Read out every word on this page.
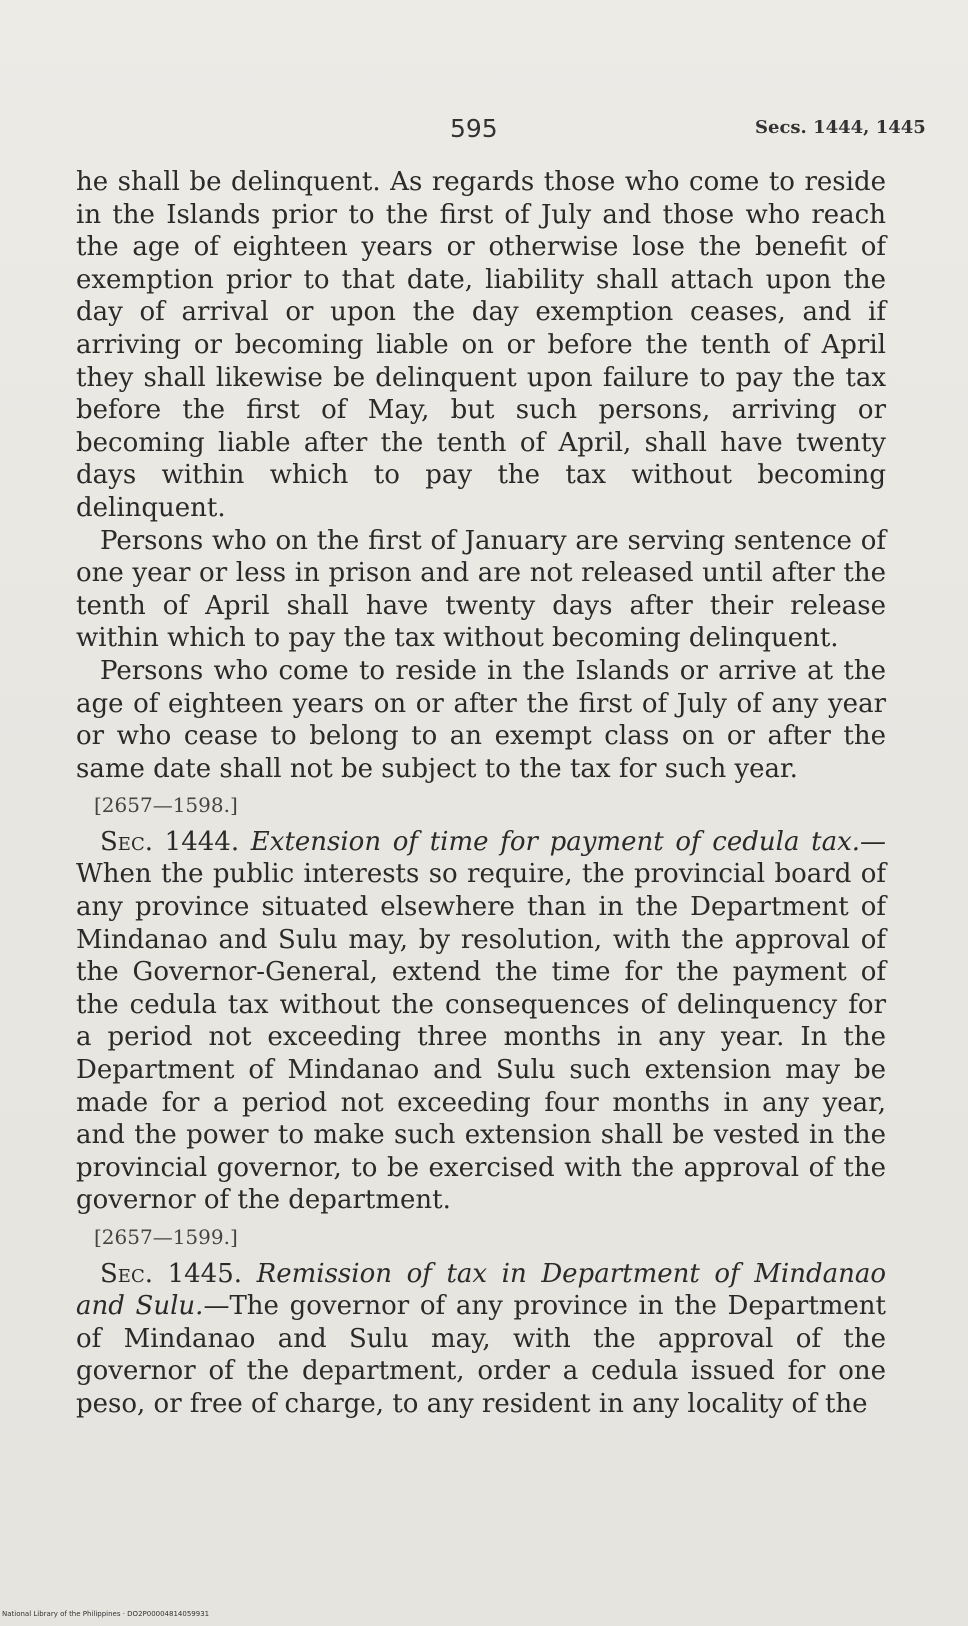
595	Secs. 1444, 1445

he shall be delinquent. As regards those who come to reside in the Islands prior to the first of July and those who reach the age of eighteen years or otherwise lose the benefit of exemption prior to that date, liability shall attach upon the day of arrival or upon the day exemption ceases, and if arriving or becoming liable on or before the tenth of April they shall likewise be delinquent upon failure to pay the tax before the first of May, but such persons, arriving or becoming liable after the tenth of April, shall have twenty days within which to pay the tax without becoming delinquent.

Persons who on the first of January are serving sentence of one year or less in prison and are not released until after the tenth of April shall have twenty days after their release within which to pay the tax without becoming delinquent.

Persons who come to reside in the Islands or arrive at the age of eighteen years on or after the first of July of any year or who cease to belong to an exempt class on or after the same date shall not be subject to the tax for such year.

[2657—1598.]

Sec. 1444. Extension of time for payment of cedula tax.— When the public interests so require, the provincial board of any province situated elsewhere than in the Department of Mindanao and Sulu may, by resolution, with the approval of the Governor-General, extend the time for the payment of the cedula tax without the consequences of delinquency for a period not exceeding three months in any year. In the Department of Mindanao and Sulu such extension may be made for a period not exceeding four months in any year, and the power to make such extension shall be vested in the provincial governor, to be exercised with the approval of the governor of the department.

[2657—1599.]

Sec. 1445. Remission of tax in Department of Mindanao and Sulu.—The governor of any province in the Department of Mindanao and Sulu may, with the approval of the governor of the department, order a cedula issued for one peso, or free of charge, to any resident in any locality of the

National Library of the Philippines · DO2P00004814059931
